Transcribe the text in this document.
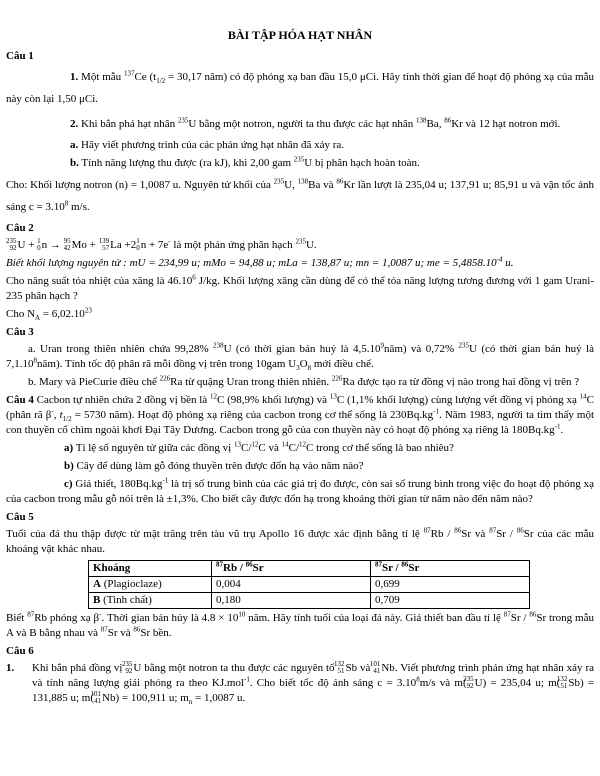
BÀI TẬP HÓA HẠT NHÂN
Câu 1

1. Một mẫu $^{137}$Ce ($t_{1/2} = 30,17$ năm) có độ phóng xạ ban đầu 15,0 μCi. Hãy tính thời gian để hoạt độ phóng xạ của mẫu này còn lại 1,50 μCi.

2. Khi bắn phá hạt nhân $^{235}$U bằng một notron, người ta thu được các hạt nhân $^{138}$Ba, $^{86}$Kr và 12 hạt notron mới.

a. Hãy viết phương trình của các phản ứng hạt nhân đã xảy ra.

b. Tính năng lượng thu được (ra kJ), khi 2,00 gam $^{235}$U bị phân hạch hoàn toàn.

Cho: Khối lượng notron (n) = 1,0087 u. Nguyên tử khối của $^{235}$U, $^{138}$Ba và $^{86}$Kr lần lượt là 235,04 u; 137,91 u; 85,91 u và vận tốc ánh sáng $c = 3.10^8$ m/s.

Câu 2

235
92U + 1
0n → 95
42Mo + 139
57La +21
0n + 7e- là một phản ứng phân hạch $^{235}$U.

Biết khối lượng nguyên tử : mU = 234,99 u; mMo = 94,88 u; mLa = 138,87 u; mn = 1,0087 u; me = $5,4858.10^{-4}$ u.

Cho năng suất tỏa nhiệt của xăng là 46.10$^6$ J/kg. Khối lượng xăng cần dùng để có thể tỏa năng lượng tương đương với 1 gam Urani-235 phân hạch ?

Cho $N_A = 6,02.10^{23}$

Câu 3

a. Uran trong thiên nhiên chứa 99,28% $^{238}$U (có thời gian bán huỷ là 4,5.10$^9$năm) và 0,72% $^{235}$U (có thời gian bán huỷ là 7,1.10$^8$năm). Tính tốc độ phân rã mỗi đồng vị trên trong 10gam $U_3O_8$ mới điều chế.

b. Mary và PieCurie điều chế $^{226}$Ra từ quặng Uran trong thiên nhiên. $^{226}$Ra được tạo ra từ đồng vị nào trong hai đồng vị trên ?

Câu 4 Cacbon tự nhiên chứa 2 đồng vị bền là $^{12}$C (98,9% khối lượng) và $^{13}$C (1,1% khối lượng) cùng lượng vết đồng vị phóng xạ $^{14}$C (phân rã β-, $t_{1/2} = 5730$ năm). Hoạt độ phóng xạ riêng của cacbon trong cơ thể sống là $230Bq.kg^{-1}$. Năm 1983, người ta tìm thấy một con thuyền cổ chìm ngoài khơi Đại Tây Dương. Cacbon trong gỗ của con thuyền này có hoạt độ phóng xạ riêng là $180Bq.kg^{-1}$.

a) Tỉ lệ số nguyên tử giữa các đồng vị $^{13}$C/$^{12}$C và $^{14}$C/$^{12}$C trong cơ thể sống là bao nhiêu?

b) Cây để dùng làm gỗ đóng thuyền trên được đốn hạ vào năm nào?

c) Giả thiết, $180Bq.kg^{-1}$ là trị số trung bình của các giá trị đo được, còn sai số trung bình trong việc đo hoạt độ phóng xạ của cacbon trong mẫu gỗ nói trên là ±1,3%. Cho biết cây được đốn hạ trong khoảng thời gian từ năm nào đến năm nào?

Câu 5

Tuổi của đá thu thập được từ mặt trăng trên tàu vũ trụ Apollo 16 được xác định bằng tỉ lệ $^{87}$Rb / $^{86}$Sr và $^{87}$Sr / $^{86}$Sr của các mẫu khoáng vật khác nhau.

Khoáng	$^{87}$Rb / $^{86}$Sr	$^{87}$Sr / $^{86}$Sr
A (Plagioclaze)	0,004	0,699
B (Tinh chất)	0,180	0,709

Biết $^{87}$Rb phóng xạ β-. Thời gian bán hủy là $4.8 \times 10^{10}$ năm. Hãy tính tuổi của loại đá này. Giả thiết ban đầu tỉ lệ $^{87}$Sr / $^{86}$Sr trong mẫu A và B bằng nhau và $^{87}$Sr và $^{86}$Sr bền.

Câu 6

1. Khi bắn phá đồng vị 235
92U bằng một notron ta thu được các nguyên tố 132
51Sb và 101
41Nb. Viết phương trình phản ứng hạt nhân xảy ra và tính năng lượng giải phóng ra theo KJ.mol$^{-1}$. Cho biết tốc độ ánh sáng $c = 3.10^8m/s$ và m(235
92U) = 235,04 u; m(132
51Sb) = 131,885 u; m(101
41Nb) = 100,911 u; $m_n = 1,0087$ u.
